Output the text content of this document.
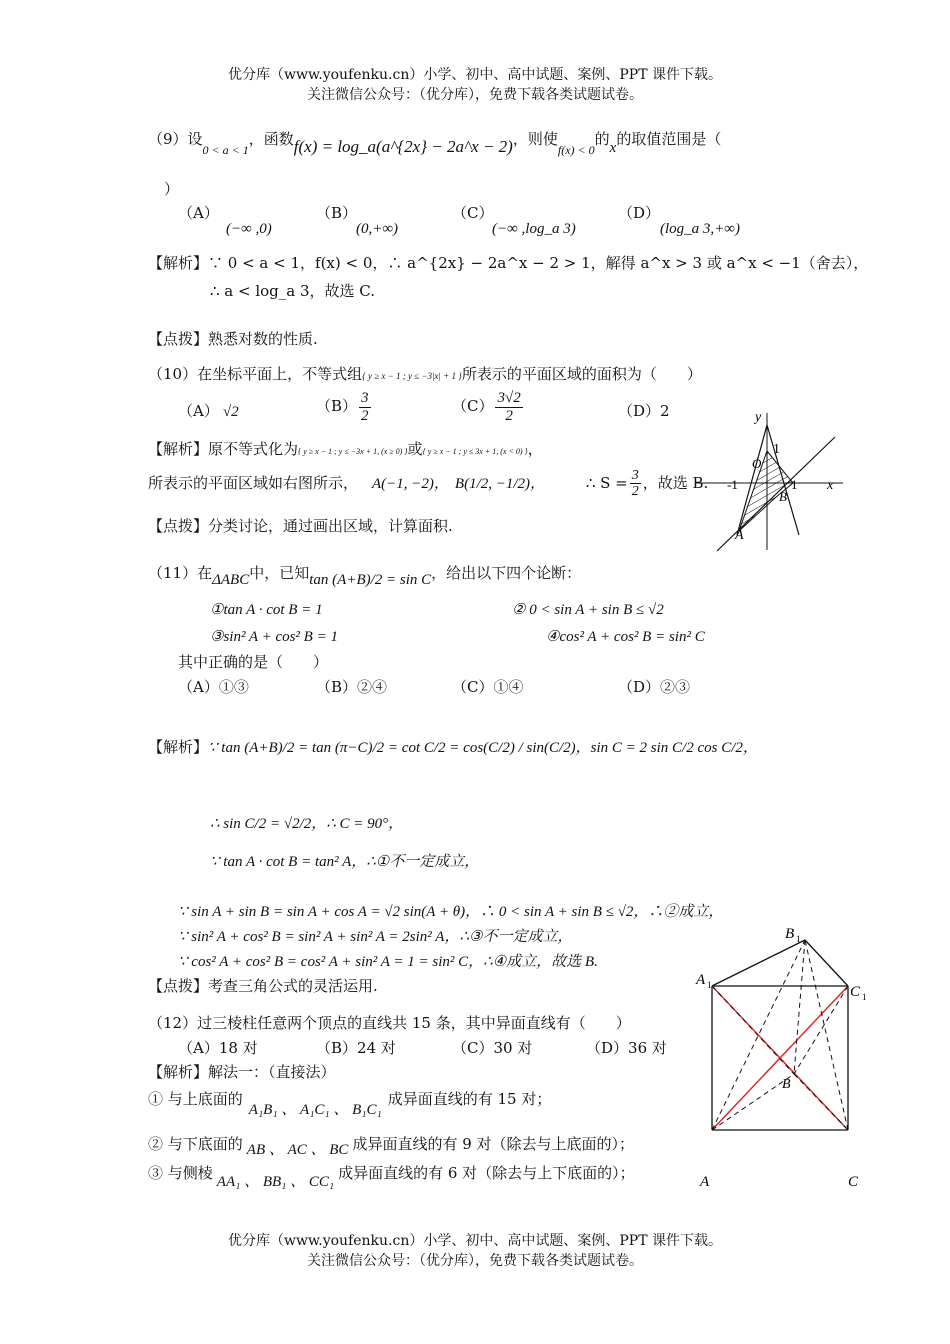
优分库（www.youfenku.cn）小学、初中、高中试题、案例、PPT 课件下载。
关注微信公众号：（优分库），免费下载各类试题试卷。
（9）设$_{0 < a < 1}$，函数f(x) = log_a(a^{2x} − 2a^x − 2)，则使$_{f(x) < 0}$的x的取值范围是（
）
（A）
(−∞ ,0)
（B）
(0,+∞)
（C）
(−∞ ,log_a 3)
（D）
(log_a 3,+∞)
【解析】∵ 0 < a < 1，f(x) < 0，∴ a^{2x} − 2a^x − 2 > 1，解得 a^x > 3 或 a^x < −1（舍去），
∴ a < log_a 3，故选 C.
【点拨】熟悉对数的性质.
（10）在坐标平面上，不等式组{ y ≥ x − 1 ; y ≤ −3|x| + 1 }所表示的平面区域的面积为（　　）
（A） √2	$(B) \frac{3}{2}$	$(C) \frac{3√2}{2}$	（D）2
【解析】原不等式化为{ y ≥ x − 1 ; y ≤ −3x + 1, (x ≥ 0) }或{ y ≥ x − 1 ; y ≤ 3x + 1, (x < 0) }，
所表示的平面区域如右图所示， A(−1, −2)， B(1/2, −1/2)，	∴ $S = \frac{3}{2}$ ，故选 B.
【点拨】分类讨论，通过画出区域，计算面积.
y
x
1
O
-1	1
B
A
（11）在ΔABC中，已知tan (A+B)/2 = sin C，给出以下四个论断：
①tan A · cot B = 1	② 0 < sin A + sin B ≤ √2
③sin² A + cos² B = 1	④cos² A + cos² B = sin² C
其中正确的是（　　）
（A）①③	（B）②④	（C）①④	（D）②③
【解析】∵ tan (A+B)/2 = tan (π−C)/2 = cot C/2 = cos(C/2) / sin(C/2)，sin C = 2 sin C/2 cos C/2，
∴ sin C/2 = √2/2，∴ C = 90°，
∵ tan A · cot B = tan² A，∴①不一定成立，
∵ sin A + sin B = sin A + cos A = √2 sin(A + θ)，∴ 0 < sin A + sin B ≤ √2，∴②成立，
∵ sin² A + cos² B = sin² A + sin² A = 2sin² A，∴③不一定成立，
∵ cos² A + cos² B = cos² A + sin² A = 1 = sin² C，∴④成立，故选 B.
【点拨】考查三角公式的灵活运用.
（12）过三棱柱任意两个顶点的直线共 15 条，其中异面直线有（　　）
（A）18 对	（B）24 对	（C）30 对	（D）36 对
【解析】解法一：（直接法）
① 与上底面的A₁B₁ 、 A₁C₁ 、 B₁C₁成异面直线的有 15 对；
② 与下底面的 AB 、 AC 、 BC 成异面直线的有 9 对（除去与上底面的）；
③ 与侧棱 AA₁ 、 BB₁ 、 CC₁ 成异面直线的有 6 对（除去与上下底面的）；
B 1
A 1	C 1
B
A	C
优分库（www.youfenku.cn）小学、初中、高中试题、案例、PPT 课件下载。
关注微信公众号：（优分库），免费下载各类试题试卷。
